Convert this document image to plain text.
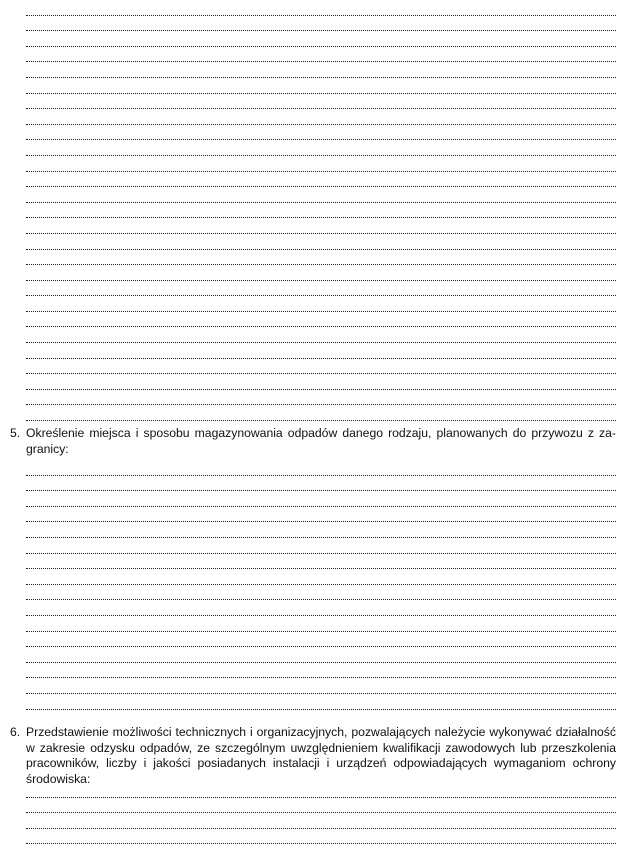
5. Określenie miejsca i sposobu magazynowania odpadów danego rodzaju, planowanych do przywozu z za-granicy:
6. Przedstawienie możliwości technicznych i organizacyjnych, pozwalających należycie wykonywać działalność w zakresie odzysku odpadów, ze szczególnym uwzględnieniem kwalifikacji zawodowych lub przeszkolenia pracowników, liczby i jakości posiadanych instalacji i urządzeń odpowiadających wymaganiom ochrony środowiska:
